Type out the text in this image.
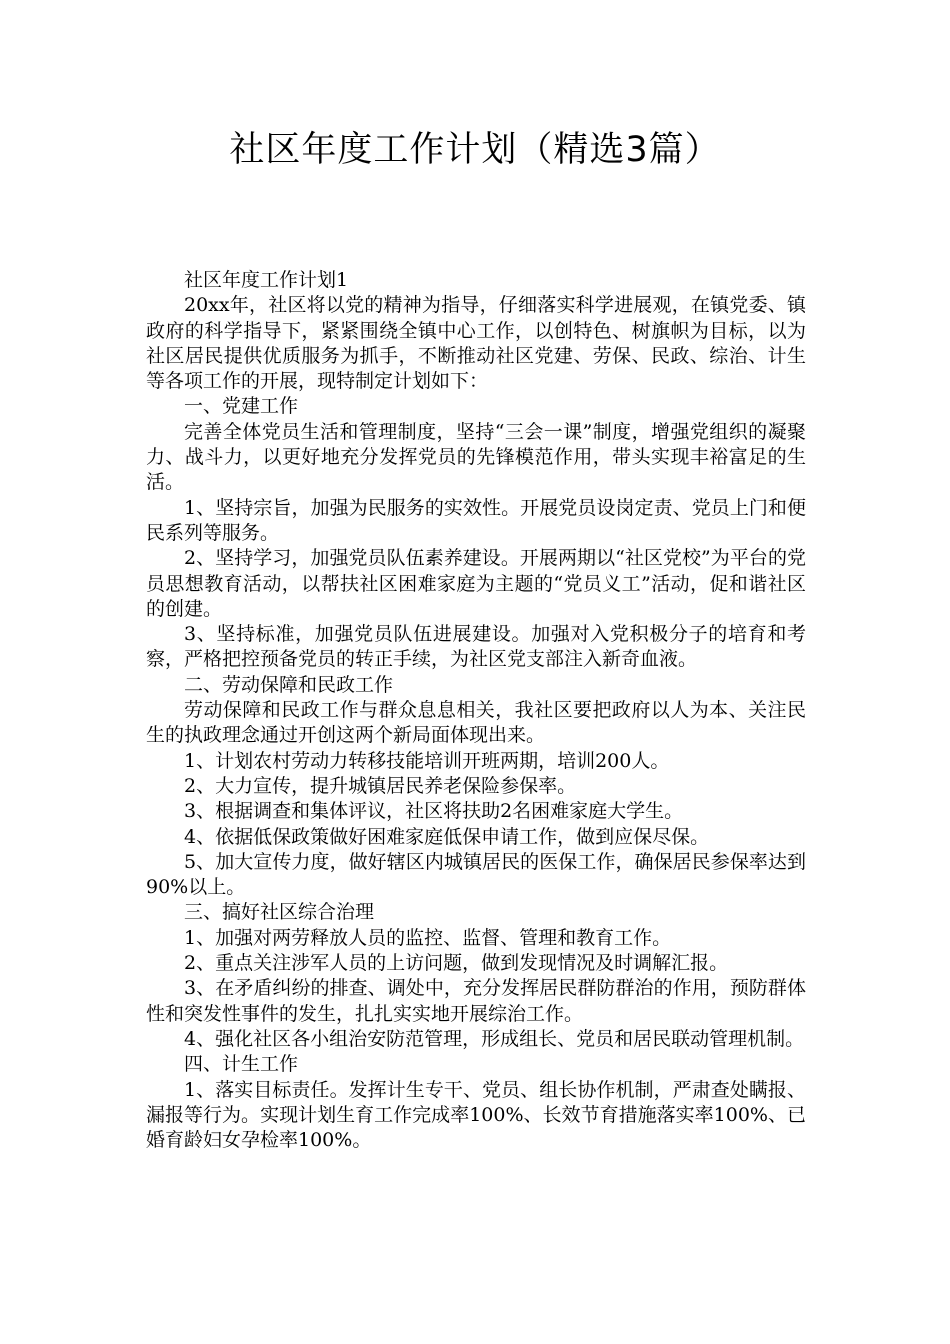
社区年度工作计划（精选3篇）

社区年度工作计划1

20xx年，社区将以党的精神为指导，仔细落实科学进展观，在镇党委、镇政府的科学指导下，紧紧围绕全镇中心工作，以创特色、树旗帜为目标，以为社区居民提供优质服务为抓手，不断推动社区党建、劳保、民政、综治、计生等各项工作的开展，现特制定计划如下：

一、党建工作

完善全体党员生活和管理制度，坚持“三会一课”制度，增强党组织的凝聚力、战斗力，以更好地充分发挥党员的先锋模范作用，带头实现丰裕富足的生活。

1、坚持宗旨，加强为民服务的实效性。开展党员设岗定责、党员上门和便民系列等服务。

2、坚持学习，加强党员队伍素养建设。开展两期以“社区党校”为平台的党员思想教育活动，以帮扶社区困难家庭为主题的“党员义工”活动，促和谐社区的创建。

3、坚持标准，加强党员队伍进展建设。加强对入党积极分子的培育和考察，严格把控预备党员的转正手续，为社区党支部注入新奇血液。

二、劳动保障和民政工作

劳动保障和民政工作与群众息息相关，我社区要把政府以人为本、关注民生的执政理念通过开创这两个新局面体现出来。

1、计划农村劳动力转移技能培训开班两期，培训200人。

2、大力宣传，提升城镇居民养老保险参保率。

3、根据调查和集体评议，社区将扶助2名困难家庭大学生。

4、依据低保政策做好困难家庭低保申请工作，做到应保尽保。

5、加大宣传力度，做好辖区内城镇居民的医保工作，确保居民参保率达到90%以上。

三、搞好社区综合治理

1、加强对两劳释放人员的监控、监督、管理和教育工作。

2、重点关注涉军人员的上访问题，做到发现情况及时调解汇报。

3、在矛盾纠纷的排查、调处中，充分发挥居民群防群治的作用，预防群体性和突发性事件的发生，扎扎实实地开展综治工作。

4、强化社区各小组治安防范管理，形成组长、党员和居民联动管理机制。

四、计生工作

1、落实目标责任。发挥计生专干、党员、组长协作机制，严肃查处瞒报、漏报等行为。实现计划生育工作完成率100%、长效节育措施落实率100%、已婚育龄妇女孕检率100%。
